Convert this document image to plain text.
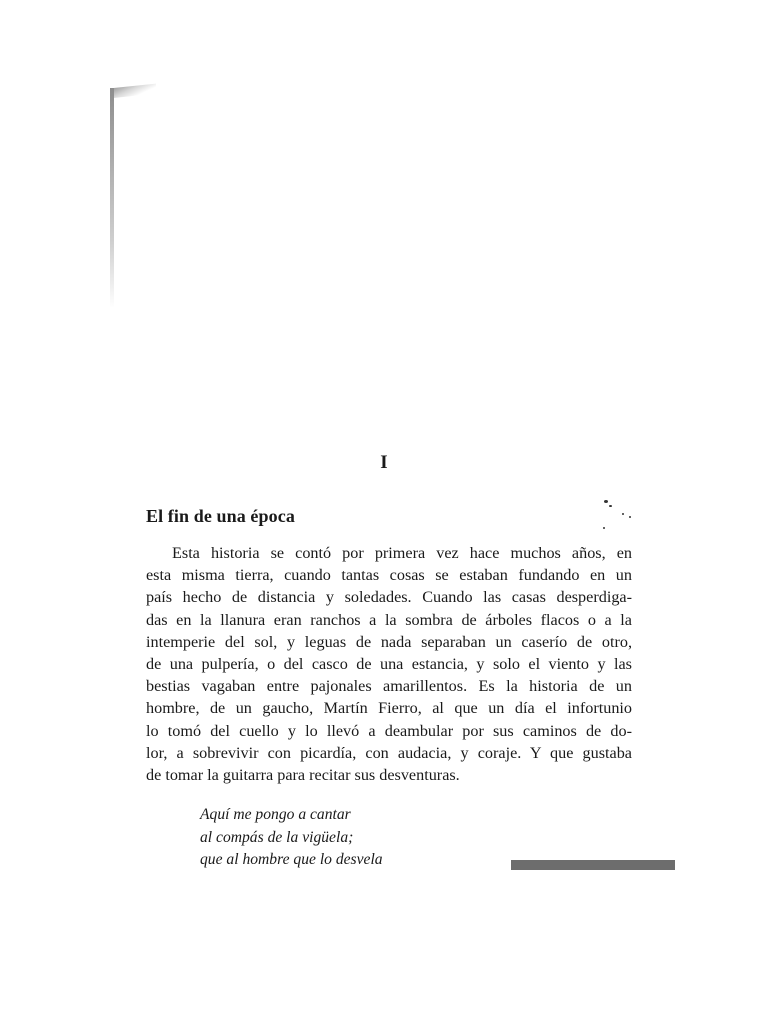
I
El fin de una época
Esta historia se contó por primera vez hace muchos años, en
esta misma tierra, cuando tantas cosas se estaban fundando en un
país hecho de distancia y soledades. Cuando las casas desperdiga-
das en la llanura eran ranchos a la sombra de árboles flacos o a la
intemperie del sol, y leguas de nada separaban un caserío de otro,
de una pulpería, o del casco de una estancia, y solo el viento y las
bestias vagaban entre pajonales amarillentos. Es la historia de un
hombre, de un gaucho, Martín Fierro, al que un día el infortunio
lo tomó del cuello y lo llevó a deambular por sus caminos de do-
lor, a sobrevivir con picardía, con audacia, y coraje. Y que gustaba
de tomar la guitarra para recitar sus desventuras.
Aquí me pongo a cantar
al compás de la vigüela;
que al hombre que lo desvela
